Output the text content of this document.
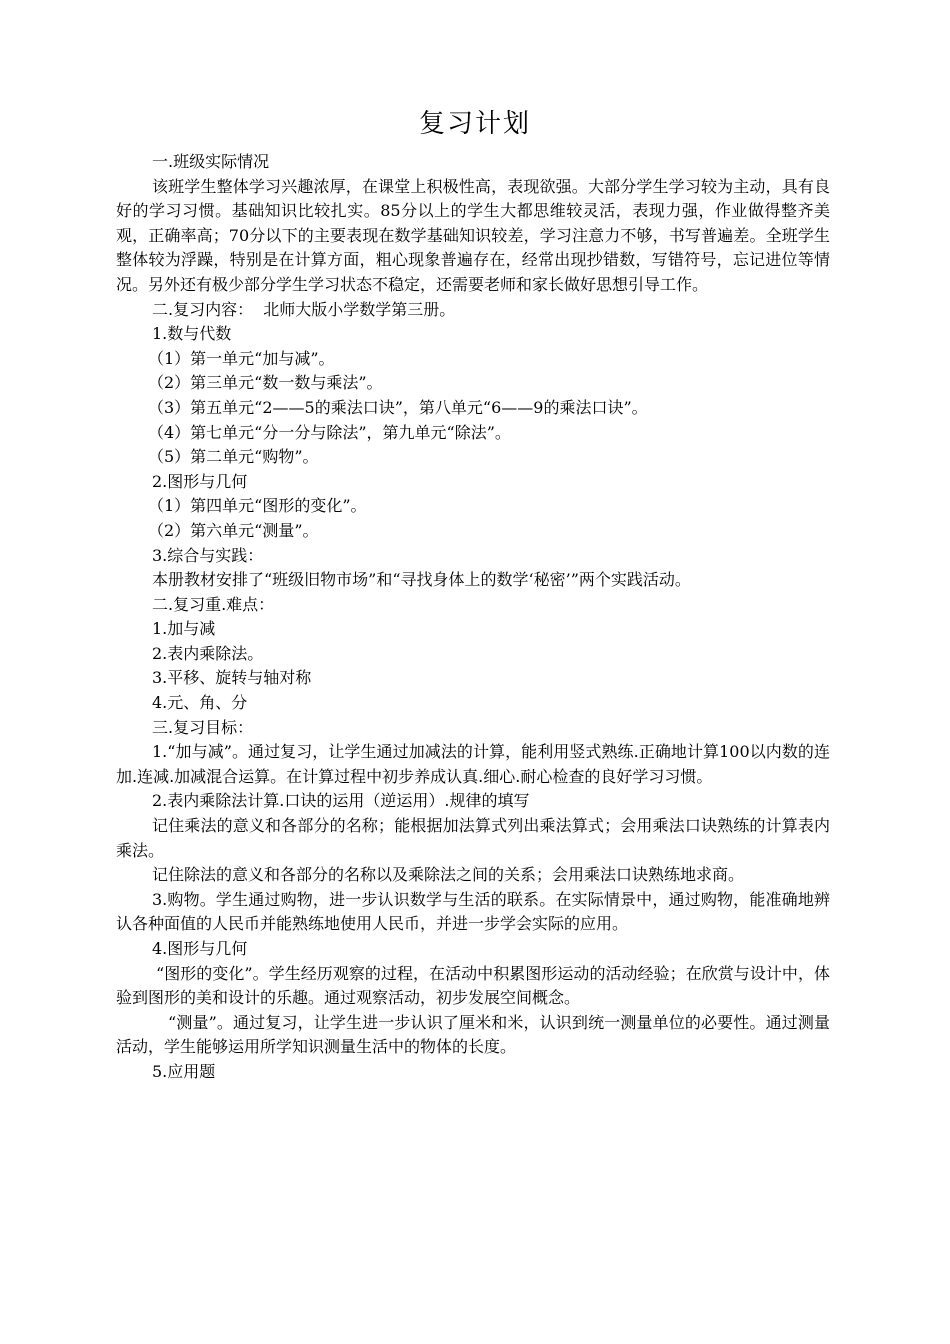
复习计划

一.班级实际情况

该班学生整体学习兴趣浓厚，在课堂上积极性高，表现欲强。大部分学生学习较为主动，具有良好的学习习惯。基础知识比较扎实。85分以上的学生大都思维较灵活，表现力强，作业做得整齐美观，正确率高；70分以下的主要表现在数学基础知识较差，学习注意力不够，书写普遍差。全班学生整体较为浮躁，特别是在计算方面，粗心现象普遍存在，经常出现抄错数，写错符号，忘记进位等情况。另外还有极少部分学生学习状态不稳定，还需要老师和家长做好思想引导工作。

二.复习内容：  北师大版小学数学第三册。

1.数与代数

（1）第一单元“加与减”。

（2）第三单元“数一数与乘法”。

（3）第五单元“2——5的乘法口诀”，第八单元“6——9的乘法口诀”。

（4）第七单元“分一分与除法”，第九单元“除法”。

（5）第二单元“购物”。

2.图形与几何

（1）第四单元“图形的变化”。

（2）第六单元“测量”。

3.综合与实践：

本册教材安排了“班级旧物市场”和“寻找身体上的数学‘秘密’”两个实践活动。

二.复习重.难点：

1.加与减

2.表内乘除法。

3.平移、旋转与轴对称

4.元、角、分

三.复习目标：

1.“加与减”。通过复习，让学生通过加减法的计算，能利用竖式熟练.正确地计算100以内数的连加.连减.加减混合运算。在计算过程中初步养成认真.细心.耐心检查的良好学习习惯。

2.表内乘除法计算.口诀的运用（逆运用）.规律的填写

记住乘法的意义和各部分的名称；能根据加法算式列出乘法算式；会用乘法口诀熟练的计算表内乘法。

记住除法的意义和各部分的名称以及乘除法之间的关系；会用乘法口诀熟练地求商。

3.购物。学生通过购物，进一步认识数学与生活的联系。在实际情景中，通过购物，能准确地辨认各种面值的人民币并能熟练地使用人民币，并进一步学会实际的应用。

4.图形与几何

“图形的变化”。学生经历观察的过程，在活动中积累图形运动的活动经验；在欣赏与设计中，体验到图形的美和设计的乐趣。通过观察活动，初步发展空间概念。

“测量”。通过复习，让学生进一步认识了厘米和米，认识到统一测量单位的必要性。通过测量活动，学生能够运用所学知识测量生活中的物体的长度。

5.应用题
